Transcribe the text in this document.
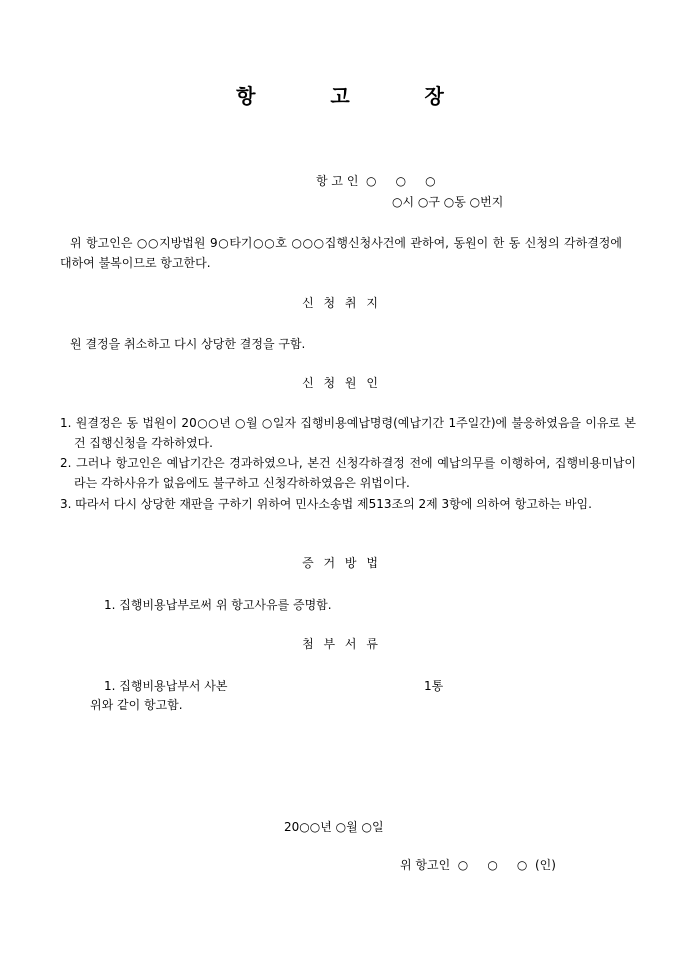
항   고   장
항 고 인  ○     ○     ○
○시 ○구 ○동 ○번지
위 항고인은 ○○지방법원 9○타기○○호 ○○○집행신청사건에 관하여, 동원이 한 동 신청의 각하결정에 대하여 불복이므로 항고한다.
신 청 취 지
원 결정을 취소하고 다시 상당한 결정을 구함.
신 청 원 인
1. 원결정은 동 법원이 20○○년 ○월 ○일자 집행비용예납명령(예납기간 1주일간)에 불응하였음을 이유로 본건 집행신청을 각하하였다.
2. 그러나 항고인은 예납기간은 경과하였으나, 본건 신청각하결정 전에 예납의무를 이행하여, 집행비용미납이라는 각하사유가 없음에도 불구하고 신청각하하였음은 위법이다.
3. 따라서 다시 상당한 재판을 구하기 위하여 민사소송법 제513조의 2제 3항에 의하여 항고하는 바임.
증 거 방 법
1. 집행비용납부로써 위 항고사유를 증명함.
첨 부 서 류
1. 집행비용납부서 사본	1통
위와 같이 항고함.
20○○년 ○월 ○일
위 항고인  ○     ○     ○  (인)
